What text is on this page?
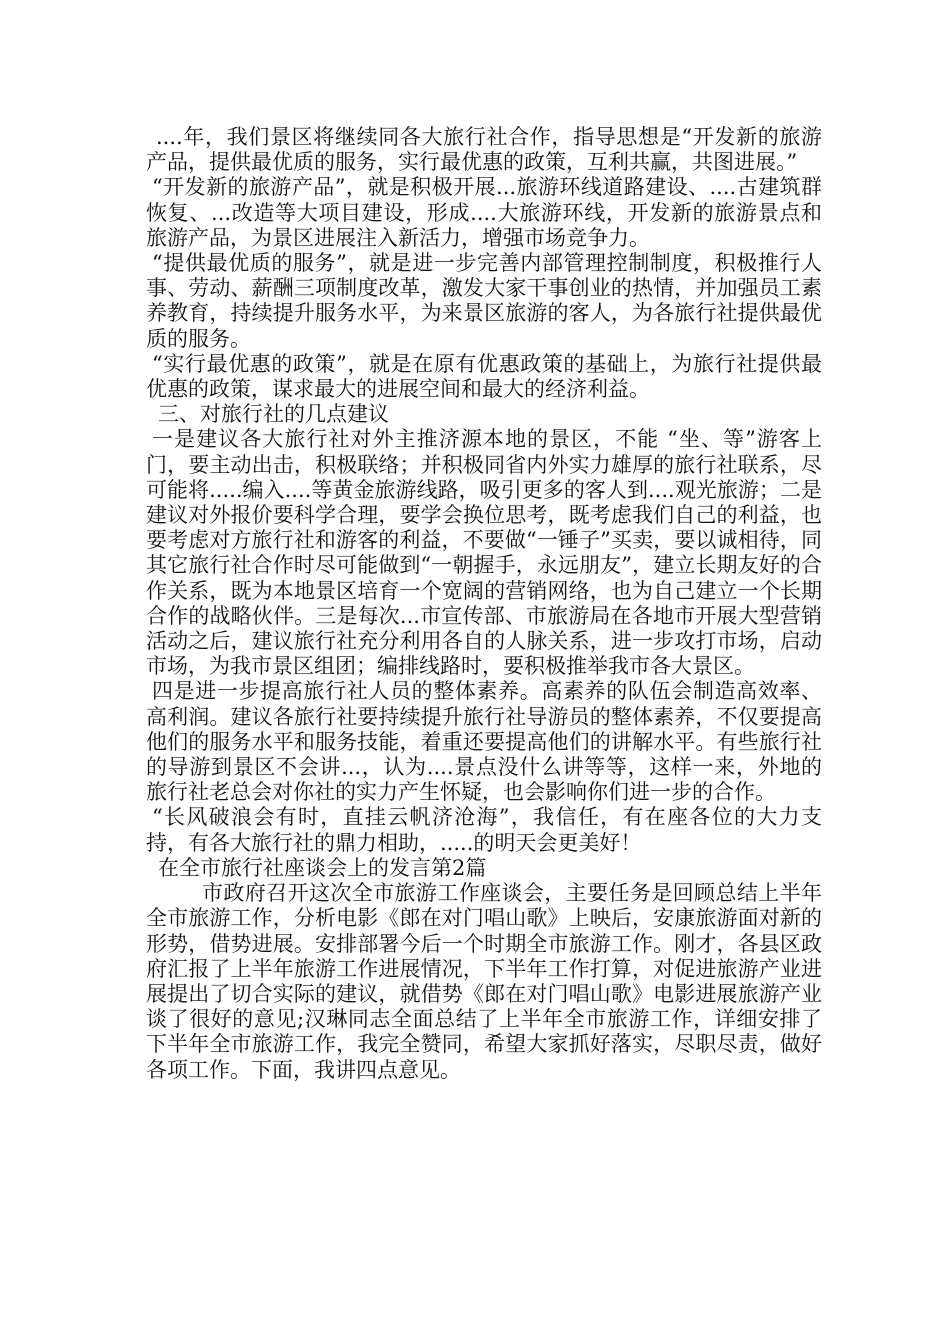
....年，我们景区将继续同各大旅行社合作，指导思想是“开发新的旅游产品，提供最优质的服务，实行最优惠的政策，互利共赢，共图进展。”

“开发新的旅游产品”，就是积极开展...旅游环线道路建设、....古建筑群恢复、...改造等大项目建设，形成....大旅游环线，开发新的旅游景点和旅游产品，为景区进展注入新活力，增强市场竞争力。

“提供最优质的服务”，就是进一步完善内部管理控制制度，积极推行人事、劳动、薪酬三项制度改革，激发大家干事创业的热情，并加强员工素养教育，持续提升服务水平，为来景区旅游的客人，为各旅行社提供最优质的服务。

“实行最优惠的政策”，就是在原有优惠政策的基础上，为旅行社提供最优惠的政策，谋求最大的进展空间和最大的经济利益。

三、对旅行社的几点建议

一是建议各大旅行社对外主推济源本地的景区，不能 “坐、等”游客上门，要主动出击，积极联络；并积极同省内外实力雄厚的旅行社联系，尽可能将.....编入....等黄金旅游线路，吸引更多的客人到....观光旅游；二是建议对外报价要科学合理，要学会换位思考，既考虑我们自己的利益，也要考虑对方旅行社和游客的利益，不要做“一锤子”买卖，要以诚相待，同其它旅行社合作时尽可能做到“一朝握手，永远朋友”，建立长期友好的合作关系，既为本地景区培育一个宽阔的营销网络，也为自己建立一个长期合作的战略伙伴。三是每次...市宣传部、市旅游局在各地市开展大型营销活动之后，建议旅行社充分利用各自的人脉关系，进一步攻打市场，启动市场，为我市景区组团；编排线路时，要积极推举我市各大景区。

四是进一步提高旅行社人员的整体素养。高素养的队伍会制造高效率、高利润。建议各旅行社要持续提升旅行社导游员的整体素养，不仅要提高他们的服务水平和服务技能，着重还要提高他们的讲解水平。有些旅行社的导游到景区不会讲...，认为....景点没什么讲等等，这样一来，外地的旅行社老总会对你社的实力产生怀疑，也会影响你们进一步的合作。

“长风破浪会有时，直挂云帆济沧海”，我信任，有在座各位的大力支持，有各大旅行社的鼎力相助，.....的明天会更美好！

在全市旅行社座谈会上的发言第2篇

市政府召开这次全市旅游工作座谈会，主要任务是回顾总结上半年全市旅游工作，分析电影《郎在对门唱山歌》上映后，安康旅游面对新的形势，借势进展。安排部署今后一个时期全市旅游工作。刚才，各县区政府汇报了上半年旅游工作进展情况，下半年工作打算，对促进旅游产业进展提出了切合实际的建议，就借势《郎在对门唱山歌》电影进展旅游产业谈了很好的意见;汉琳同志全面总结了上半年全市旅游工作，详细安排了下半年全市旅游工作，我完全赞同，希望大家抓好落实，尽职尽责，做好各项工作。下面，我讲四点意见。
